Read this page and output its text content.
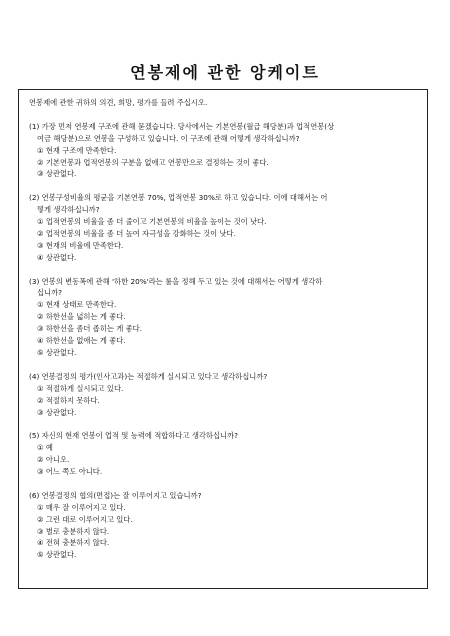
연봉제에 관한 앙케이트
연봉제에 관한 귀하의 의견, 희망, 평가를 들려 주십시오.
(1) 가장 먼저 연봉제 구조에 관해 묻겠습니다. 당사에서는 기본연봉(월급 해당분)과 업적연봉(상
여금 해당분)으로 연봉을 구성하고 있습니다. 이 구조에 관해 어떻게 생각하십니까?
① 현재 구조에 만족한다.
② 기본연봉과 업적연봉의 구분을 없애고 연봉만으로 결정하는 것이 좋다.
③ 상관없다.
(2) 연봉구성비율의 평균을 기본연봉 70%, 업적연봉 30%로 하고 있습니다. 이에 대해서는 어
떻게 생각하십니까?
① 업적연봉의 비율을 좀 더 줄이고 기본연봉의 비율을 높이는 것이 낫다.
② 업적연봉의 비율을 좀 더 높여 자극성을 강화하는 것이 낫다.
③ 현재의 비율에 만족한다.
④ 상관없다.
(3) 연봉의 변동폭에 관해 '하한 20%'라는 룰을 정해 두고 있는 것에 대해서는 어떻게 생각하
십니까?
① 현재 상태로 만족한다.
② 하한선을 넓히는 게 좋다.
③ 하한선을 좀더 좁히는 게 좋다.
④ 하한선을 없애는 게 좋다.
⑤ 상관없다.
(4) 연봉결정의 평가(인사고과)는 적절하게 실시되고 있다고 생각하십니까?
① 적절하게 실시되고 있다.
② 적절하지 못하다.
③ 상관없다.
(5) 자신의 현재 연봉이 업적 및 능력에 적합하다고 생각하십니까?
① 예
② 아니오.
③ 어느 쪽도 아니다.
(6) 연봉결정의 협의(면접)는 잘 이루어지고 있습니까?
① 매우 잘 이루어지고 있다.
② 그런 대로 이루어지고 있다.
③ 별로 충분하지 않다.
④ 전혀 충분하지 않다.
⑤ 상관없다.
